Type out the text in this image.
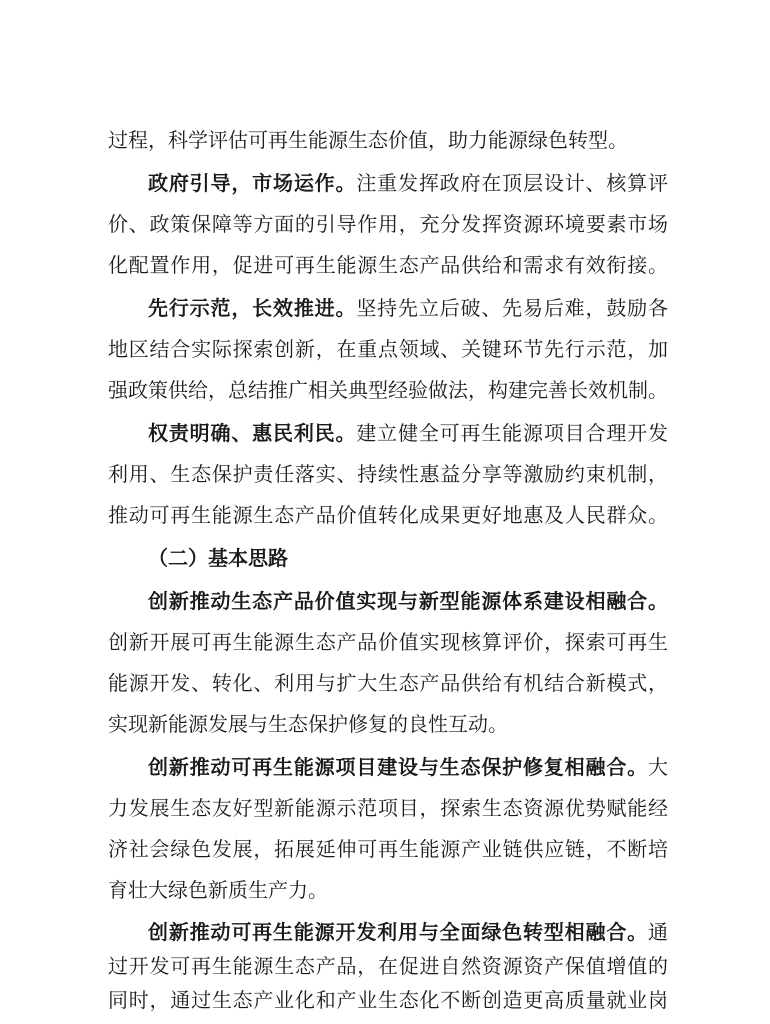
过程，科学评估可再生能源生态价值，助力能源绿色转型。
政府引导，市场运作。注重发挥政府在顶层设计、核算评
价、政策保障等方面的引导作用，充分发挥资源环境要素市场
化配置作用，促进可再生能源生态产品供给和需求有效衔接。
先行示范，长效推进。坚持先立后破、先易后难，鼓励各
地区结合实际探索创新，在重点领域、关键环节先行示范，加
强政策供给，总结推广相关典型经验做法，构建完善长效机制。
权责明确、惠民利民。建立健全可再生能源项目合理开发
利用、生态保护责任落实、持续性惠益分享等激励约束机制，
推动可再生能源生态产品价值转化成果更好地惠及人民群众。
（二）基本思路
创新推动生态产品价值实现与新型能源体系建设相融合。
创新开展可再生能源生态产品价值实现核算评价，探索可再生
能源开发、转化、利用与扩大生态产品供给有机结合新模式，
实现新能源发展与生态保护修复的良性互动。
创新推动可再生能源项目建设与生态保护修复相融合。大
力发展生态友好型新能源示范项目，探索生态资源优势赋能经
济社会绿色发展，拓展延伸可再生能源产业链供应链，不断培
育壮大绿色新质生产力。
创新推动可再生能源开发利用与全面绿色转型相融合。通
过开发可再生能源生态产品，在促进自然资源资产保值增值的
同时，通过生态产业化和产业生态化不断创造更高质量就业岗
